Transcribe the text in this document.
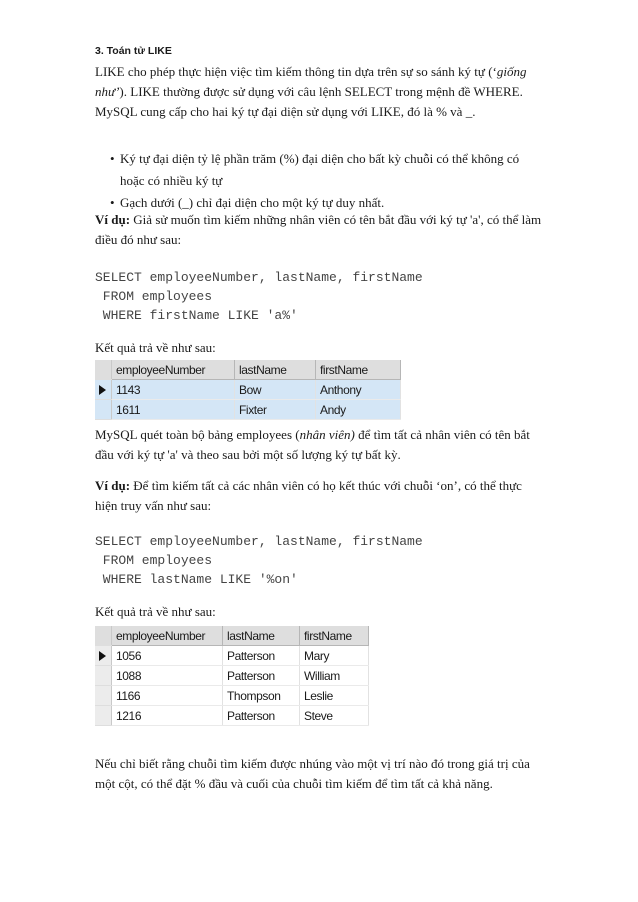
3. Toán tử LIKE
LIKE cho phép thực hiện việc tìm kiếm thông tin dựa trên sự so sánh ký tự (‘giống như’). LIKE thường được sử dụng với câu lệnh SELECT trong mệnh đề WHERE. MySQL cung cấp cho hai ký tự đại diện sử dụng với LIKE, đó là % và _.
• Ký tự đại diện tỷ lệ phần trăm (%) đại diện cho bất kỳ chuỗi có thể không có hoặc có nhiều ký tự
• Gạch dưới (_) chỉ đại diện cho một ký tự duy nhất.
Ví dụ: Giả sử muốn tìm kiếm những nhân viên có tên bắt đầu với ký tự 'a', có thể làm điều đó như sau:
SELECT employeeNumber, lastName, firstName
FROM employees
WHERE firstName LIKE 'a%'
Kết quả trả về như sau:
	employeeNumber	lastName	firstName

	1143	Bow	Anthony
	1611	Fixter	Andy
MySQL quét toàn bộ bảng employees (nhân viên) để tìm tất cả nhân viên có tên bắt đầu với ký tự 'a' và theo sau bởi một số lượng ký tự bất kỳ.
Ví dụ: Để tìm kiếm tất cả các nhân viên có họ kết thúc với chuỗi ‘on’, có thể thực hiện truy vấn như sau:
SELECT employeeNumber, lastName, firstName
FROM employees
WHERE lastName LIKE '%on'
Kết quả trả về như sau:
	employeeNumber	lastName	firstName

	1056	Patterson	Mary
	1088	Patterson	William
	1166	Thompson	Leslie
	1216	Patterson	Steve
Nếu chỉ biết rằng chuỗi tìm kiếm được nhúng vào một vị trí nào đó trong giá trị của một cột, có thể đặt % đầu và cuối của chuỗi tìm kiếm để tìm tất cả khả năng.
